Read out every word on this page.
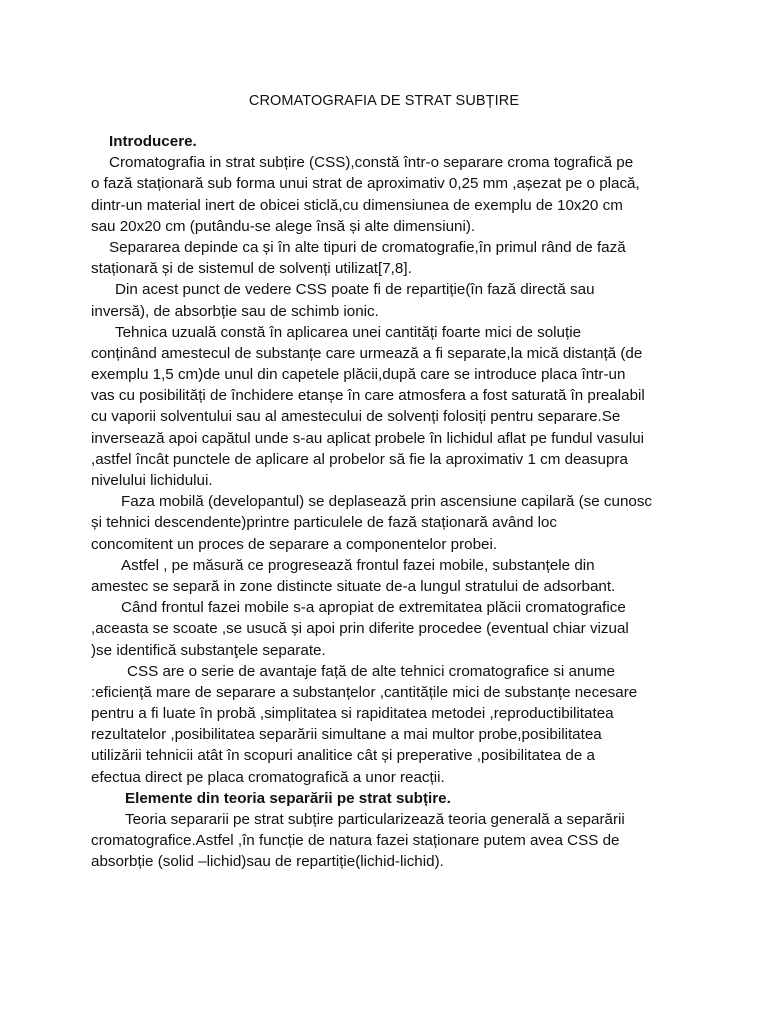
CROMATOGRAFIA DE STRAT SUBȚIRE
Introducere.
Cromatografia in strat subțire (CSS),constă într-o separare croma tografică pe
o fază staționară sub forma unui strat de aproximativ 0,25 mm ,așezat pe o placă,
dintr-un material inert de obicei sticlă,cu dimensiunea de exemplu de 10x20 cm
sau 20x20 cm (putându-se alege însă și alte dimensiuni).
Separarea depinde ca și în alte tipuri de cromatografie,în primul rând de fază
staționară și de sistemul de solvenți utilizat[7,8].
Din acest punct de vedere CSS poate fi de repartiție(în fază directă sau
inversă), de absorbție sau de schimb ionic.
Tehnica uzuală constă în aplicarea unei cantități foarte mici de soluție
conținând amestecul de substanțe care urmează a fi separate,la mică distanță (de
exemplu 1,5 cm)de unul din capetele plăcii,după care se introduce placa într-un
vas cu posibilități de închidere etanșe în care atmosfera a fost saturată în prealabil
cu vaporii solventului sau al amestecului de solvenți folosiți pentru separare.Se
inversează apoi capătul unde s-au aplicat probele în lichidul aflat pe fundul vasului
,astfel încât punctele de aplicare al probelor să fie la aproximativ 1 cm deasupra
nivelului lichidului.
Faza mobilă (developantul) se deplasează prin ascensiune capilară (se cunosc
și tehnici descendente)printre particulele de fază staționară având loc
concomitent un proces de separare a componentelor probei.
Astfel , pe măsură ce progresează frontul fazei mobile, substanțele din
amestec se separă in zone distincte situate de-a lungul stratului de adsorbant.
Când frontul fazei mobile s-a apropiat de extremitatea plăcii cromatografice
,aceasta se scoate ,se usucă și apoi prin diferite procedee (eventual chiar vizual
)se identifică substanţele separate.
CSS are o serie de avantaje față de alte tehnici cromatografice si anume
:eficiență mare de separare a substanțelor ,cantitățile mici de substanțe necesare
pentru a fi luate în probă ,simplitatea si rapiditatea metodei ,reproductibilitatea
rezultatelor ,posibilitatea separării simultane a mai multor probe,posibilitatea
utilizării tehnicii atât în scopuri analitice cât și preperative ,posibilitatea de a
efectua direct pe placa cromatografică a unor reacții.
Elemente din teoria separării pe strat subțire.
Teoria separarii pe strat subțire particularizează teoria generală a separării
cromatografice.Astfel ,în funcție de natura fazei staționare putem avea CSS de
absorbție (solid –lichid)sau de repartiție(lichid-lichid).
